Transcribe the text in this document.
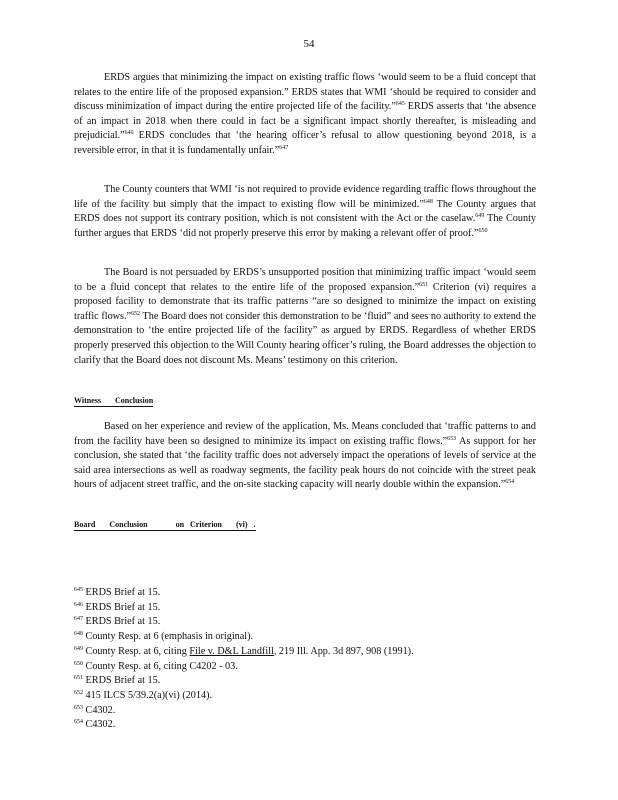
54

ERDS argues that minimizing the impact on existing traffic flows ‘would seem to be a fluid concept that relates to the entire life of the proposed expansion.” ERDS states that WMI ‘should be required to consider and discuss minimization of impact during the entire projected life of the facility.”$^{645}$ ERDS asserts that ‘the absence of an impact in 2018 when there could in fact be a significant impact shortly thereafter, is misleading and prejudicial.”$^{646}$ ERDS concludes that ‘the hearing officer’s refusal to allow questioning beyond 2018, is a reversible error, in that it is fundamentally unfair.”$^{647}$

The County counters that WMI ‘is not required to provide evidence regarding traffic flows throughout the life of the facility but simply that the impact to existing flow will be minimized.”$^{648}$ The County argues that ERDS does not support its contrary position, which is not consistent with the Act or the caselaw.$^{649}$ The County further argues that ERDS ‘did not properly preserve this error by making a relevant offer of proof.”$^{650}$

The Board is not persuaded by ERDS’s unsupported position that minimizing traffic impact ‘would seem to be a fluid concept that relates to the entire life of the proposed expansion.”$^{651}$ Criterion (vi) requires a proposed facility to demonstrate that its traffic patterns “are so designed to minimize the impact on existing traffic flows.”$^{652}$ The Board does not consider this demonstration to be ‘fluid” and sees no authority to extend the demonstration to ‘the entire projected life of the facility” as argued by ERDS. Regardless of whether ERDS properly preserved this objection to the Will County hearing officer’s ruling, the Board addresses the objection to clarify that the Board does not discount Ms. Means’ testimony on this criterion.

Witness       Conclusion

Based on her experience and review of the application, Ms. Means concluded that ‘traffic patterns to and from the facility have been so designed to minimize its impact on existing traffic flows.”$^{653}$ As support for her conclusion, she stated that ‘the facility traffic does not adversely impact the operations of levels of service at the said area intersections as well as roadway segments, the facility peak hours do not coincide with the street peak hours of adjacent street traffic, and the on-site stacking capacity will nearly double within the expansion.”$^{654}$

Board       Conclusion              on   Criterion       (vi)   .
$^{645}$ ERDS Brief at 15.
$^{646}$ ERDS Brief at 15.
$^{647}$ ERDS Brief at 15.
$^{648}$ County Resp. at 6 (emphasis in original).
$^{649}$ County Resp. at 6, citing File v. D&L Landfill, 219 Ill. App. 3d 897, 908 (1991).
$^{650}$ County Resp. at 6, citing C4202 - 03.
$^{651}$ ERDS Brief at 15.
$^{652}$ 415 ILCS 5/39.2(a)(vi) (2014).
$^{653}$ C4302.
$^{654}$ C4302.
